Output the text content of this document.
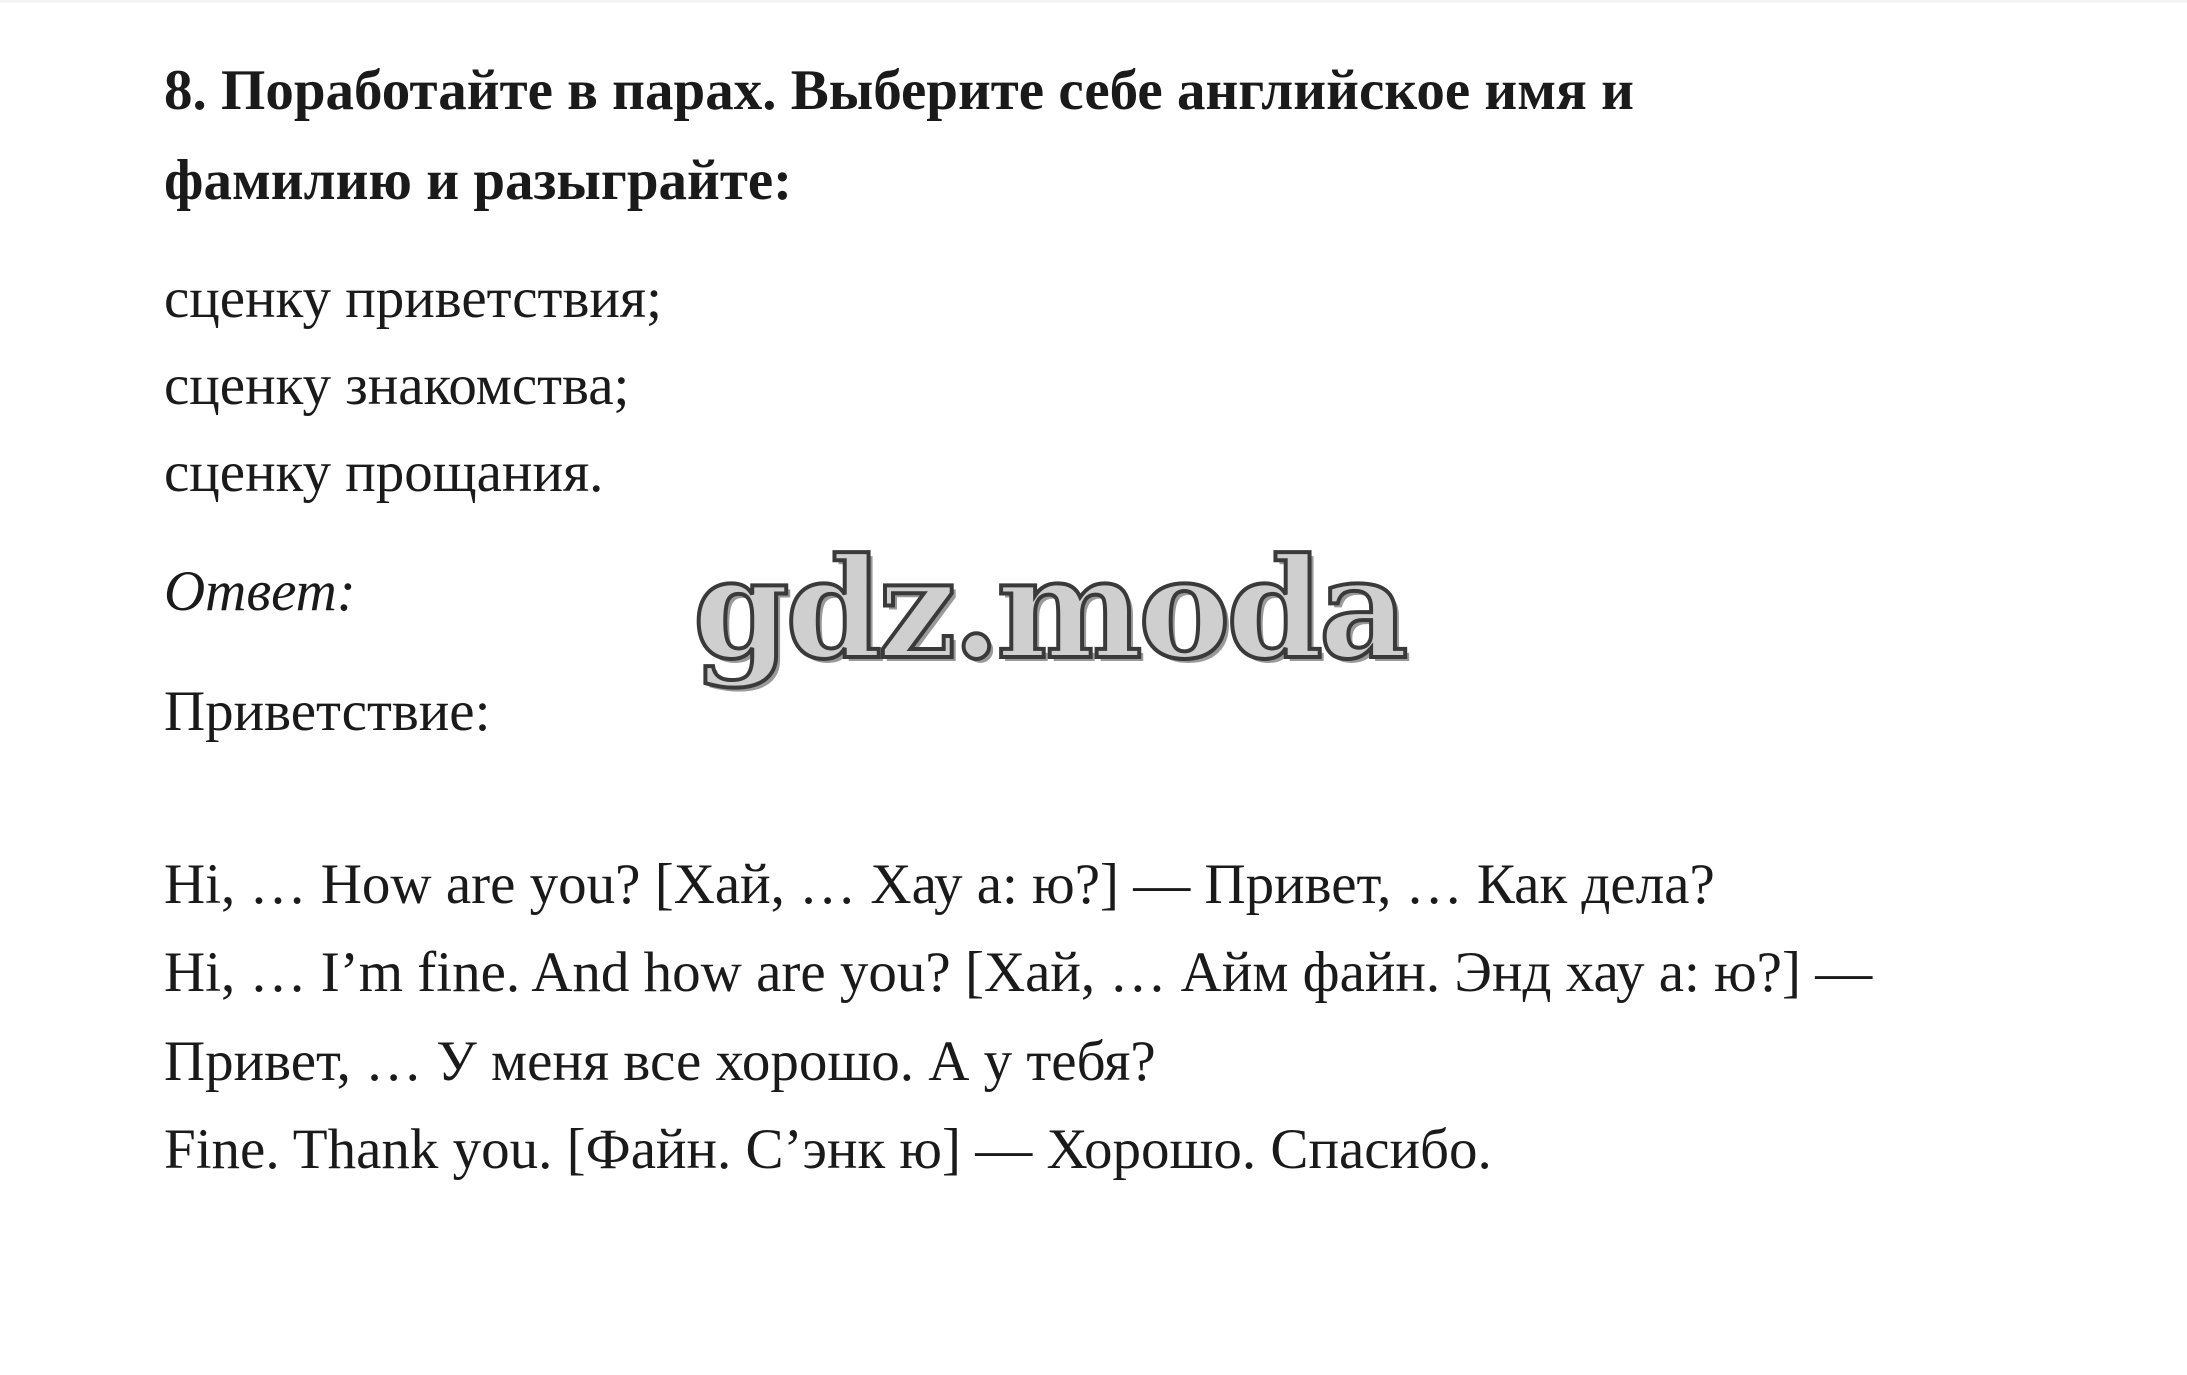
8. Поработайте в парах. Выберите себе английское имя и
фамилию и разыграйте:
сценку приветствия;
сценку знакомства;
сценку прощания.
Ответ: gdz.moda
Приветствие:
Hi, … How are you? [Хай, … Хау а: ю?] — Привет, … Как дела?
Hi, … I’m fine. And how are you? [Хай, … Айм файн. Энд хау а: ю?] —
Привет, … У меня все хорошо. А у тебя?
Fine. Thank you. [Файн. С’энк ю] — Хорошо. Спасибо.
